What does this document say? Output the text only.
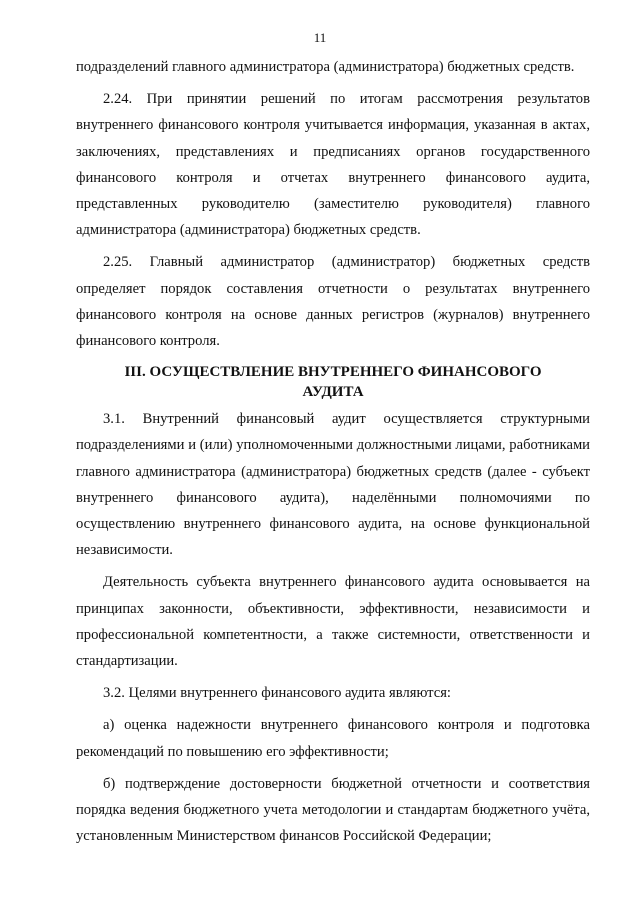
11

подразделений главного администратора (администратора) бюджетных средств.

2.24. При принятии решений по итогам рассмотрения результатов внутреннего финансового контроля учитывается информация, указанная в актах, заключениях, представлениях и предписаниях органов государственного финансового контроля и отчетах внутреннего финансового аудита, представленных руководителю (заместителю руководителя) главного администратора (администратора) бюджетных средств.

2.25. Главный администратор (администратор) бюджетных средств определяет порядок составления отчетности о результатах внутреннего финансового контроля на основе данных регистров (журналов) внутреннего финансового контроля.

III. ОСУЩЕСТВЛЕНИЕ ВНУТРЕННЕГО ФИНАНСОВОГО АУДИТА

3.1. Внутренний финансовый аудит осуществляется структурными подразделениями и (или) уполномоченными должностными лицами, работниками главного администратора (администратора) бюджетных средств (далее - субъект внутреннего финансового аудита), наделёнными полномочиями по осуществлению внутреннего финансового аудита, на основе функциональной независимости.

Деятельность субъекта внутреннего финансового аудита основывается на принципах законности, объективности, эффективности, независимости и профессиональной компетентности, а также системности, ответственности и стандартизации.

3.2. Целями внутреннего финансового аудита являются:

а) оценка надежности внутреннего финансового контроля и подготовка рекомендаций по повышению его эффективности;

б) подтверждение достоверности бюджетной отчетности и соответствия порядка ведения бюджетного учета методологии и стандартам бюджетного учёта, установленным Министерством финансов Российской Федерации;
